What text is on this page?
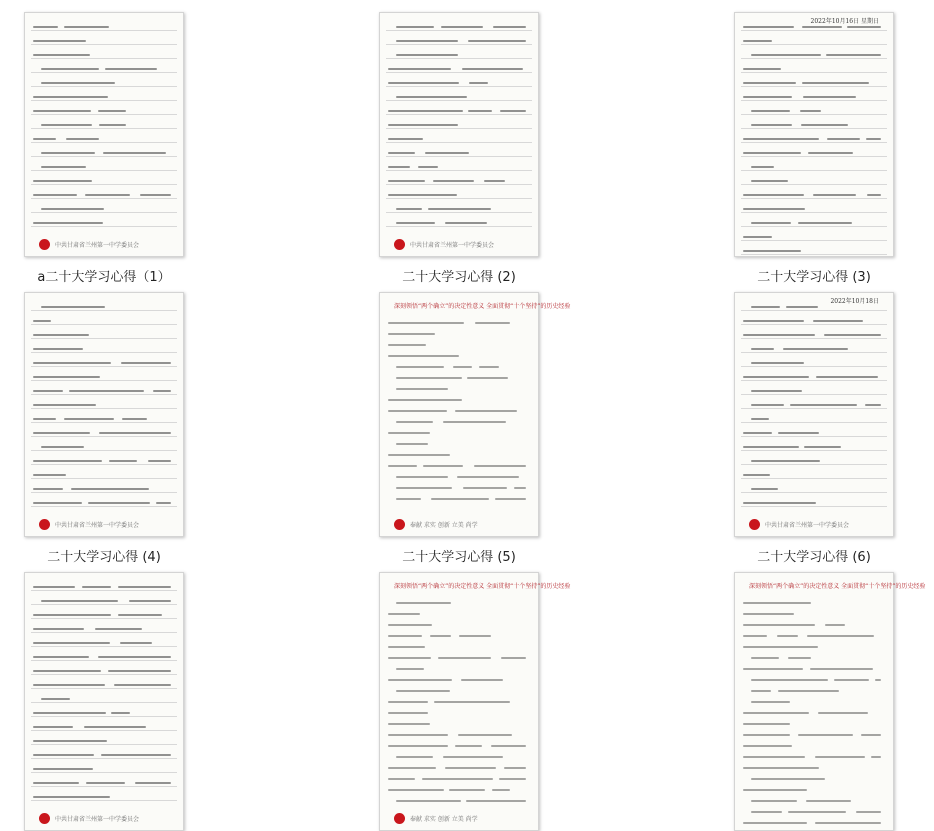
中共甘肃省兰州第一中学委员会
a二十大学习心得（1）
中共甘肃省兰州第一中学委员会
二十大学习心得 (2)
2022年10月16日 星期日
二十大学习心得 (3)
中共甘肃省兰州第一中学委员会
二十大学习心得 (4)
深刻领悟“两个确立”的决定性意义 全面贯彻“十个坚持”的历史经验
奉献 求实 创新 立美 尚学
二十大学习心得 (5)
2022年10月18日
中共甘肃省兰州第一中学委员会
二十大学习心得 (6)
中共甘肃省兰州第一中学委员会
深刻领悟“两个确立”的决定性意义 全面贯彻“十个坚持”的历史经验
奉献 求实 创新 立美 尚学
深刻领悟“两个确立”的决定性意义 全面贯彻“十个坚持”的历史经验
